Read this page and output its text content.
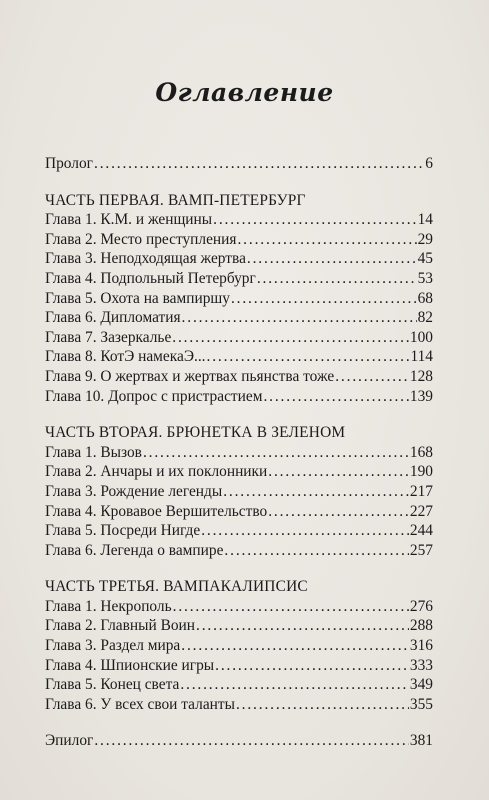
Оглавление
Пролог . . .	6
ЧАСТЬ ПЕРВАЯ. ВАМП-ПЕТЕРБУРГ
Глава 1. К.М. и женщины . . .	14
Глава 2. Место преступления . . .	29
Глава 3. Неподходящая жертва . . .	45
Глава 4. Подпольный Петербург . . .	53
Глава 5. Охота на вампиршу . . .	68
Глава 6. Дипломатия . . .	82
Глава 7. Зазеркалье . . .	100
Глава 8. КотЭ намекаЭ... . . .	114
Глава 9. О жертвах и жертвах пьянства тоже . . .	128
Глава 10. Допрос с пристрастием . . .	139
ЧАСТЬ ВТОРАЯ. БРЮНЕТКА В ЗЕЛЕНОМ
Глава 1. Вызов . . .	168
Глава 2. Анчары и их поклонники . . .	190
Глава 3. Рождение легенды . . .	217
Глава 4. Кровавое Вершительство . . .	227
Глава 5. Посреди Нигде . . .	244
Глава 6. Легенда о вампире . . .	257
ЧАСТЬ ТРЕТЬЯ. ВАМПАКАЛИПСИС
Глава 1. Некрополь . . .	276
Глава 2. Главный Воин . . .	288
Глава 3. Раздел мира . . .	316
Глава 4. Шпионские игры . . .	333
Глава 5. Конец света . . .	349
Глава 6. У всех свои таланты . . .	355
Эпилог . . .	381
